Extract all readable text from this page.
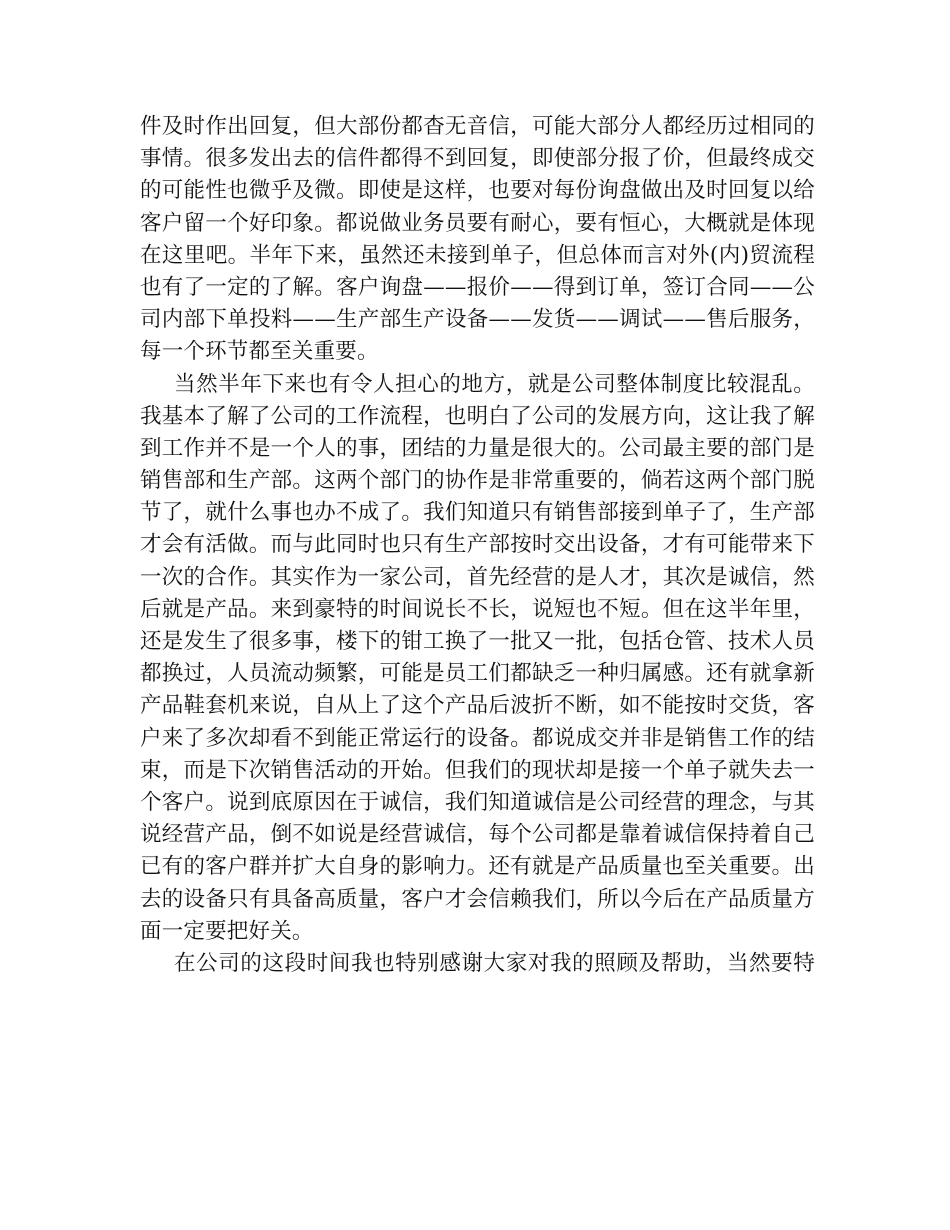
件及时作出回复，但大部份都杳无音信，可能大部分人都经历过相同的
事情。很多发出去的信件都得不到回复，即使部分报了价，但最终成交
的可能性也微乎及微。即使是这样，也要对每份询盘做出及时回复以给
客户留一个好印象。都说做业务员要有耐心，要有恒心，大概就是体现
在这里吧。半年下来，虽然还未接到单子，但总体而言对外(内)贸流程
也有了一定的了解。客户询盘——报价——得到订单，签订合同——公
司内部下单投料——生产部生产设备——发货——调试——售后服务，
每一个环节都至关重要。
当然半年下来也有令人担心的地方，就是公司整体制度比较混乱。
我基本了解了公司的工作流程，也明白了公司的发展方向，这让我了解
到工作并不是一个人的事，团结的力量是很大的。公司最主要的部门是
销售部和生产部。这两个部门的协作是非常重要的，倘若这两个部门脱
节了，就什么事也办不成了。我们知道只有销售部接到单子了，生产部
才会有活做。而与此同时也只有生产部按时交出设备，才有可能带来下
一次的合作。其实作为一家公司，首先经营的是人才，其次是诚信，然
后就是产品。来到豪特的时间说长不长，说短也不短。但在这半年里，
还是发生了很多事，楼下的钳工换了一批又一批，包括仓管、技术人员
都换过，人员流动频繁，可能是员工们都缺乏一种归属感。还有就拿新
产品鞋套机来说，自从上了这个产品后波折不断，如不能按时交货，客
户来了多次却看不到能正常运行的设备。都说成交并非是销售工作的结
束，而是下次销售活动的开始。但我们的现状却是接一个单子就失去一
个客户。说到底原因在于诚信，我们知道诚信是公司经营的理念，与其
说经营产品，倒不如说是经营诚信，每个公司都是靠着诚信保持着自己
已有的客户群并扩大自身的影响力。还有就是产品质量也至关重要。出
去的设备只有具备高质量，客户才会信赖我们，所以今后在产品质量方
面一定要把好关。
在公司的这段时间我也特别感谢大家对我的照顾及帮助，当然要特
